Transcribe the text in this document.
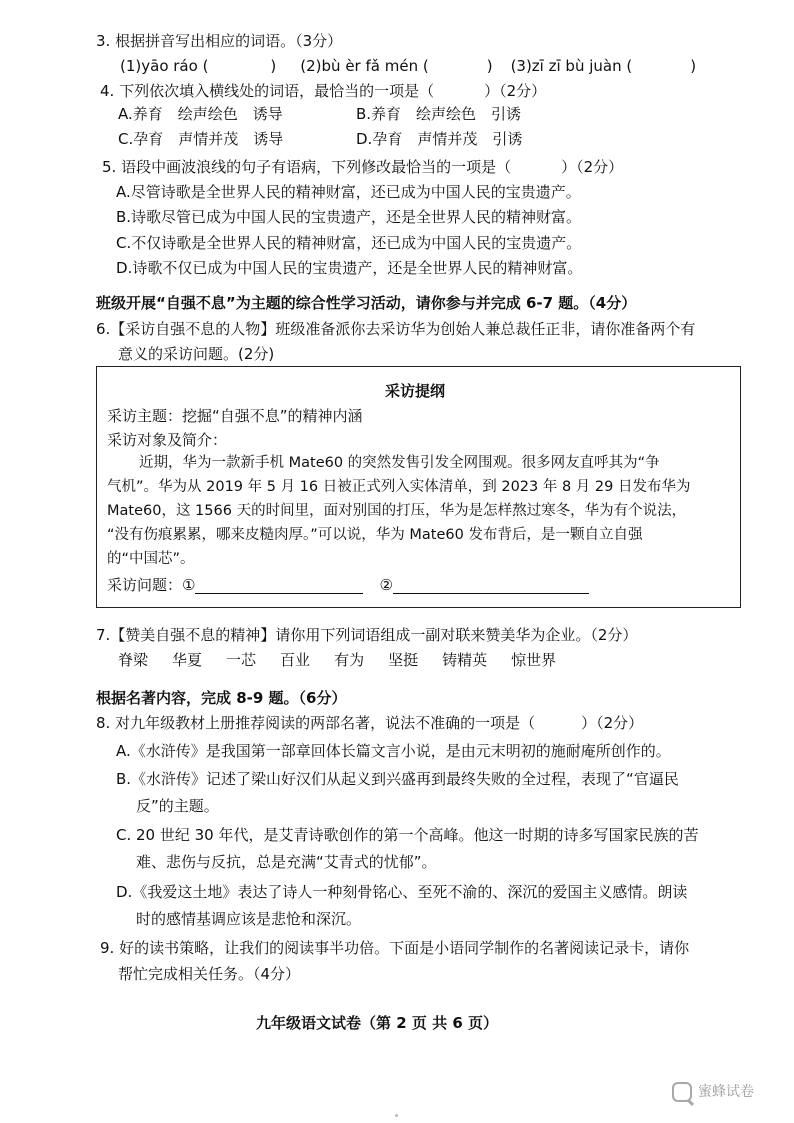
3. 根据拼音写出相应的词语。（3分）
(1)yāo ráo (	) (2)bù èr fǎ mén (	) (3)zī zī bù juàn (	)
4. 下列依次填入横线处的词语，最恰当的一项是（	）（2分）
A.养育　绘声绘色　诱导	B.养育　绘声绘色　引诱
C.孕育　声情并茂　诱导	D.孕育　声情并茂　引诱
5. 语段中画波浪线的句子有语病，下列修改最恰当的一项是（	）（2分）
A.尽管诗歌是全世界人民的精神财富，还已成为中国人民的宝贵遗产。
B.诗歌尽管已成为中国人民的宝贵遗产，还是全世界人民的精神财富。
C.不仅诗歌是全世界人民的精神财富，还已成为中国人民的宝贵遗产。
D.诗歌不仅已成为中国人民的宝贵遗产，还是全世界人民的精神财富。
班级开展“自强不息”为主题的综合性学习活动，请你参与并完成 6-7 题。（4分）
6.【采访自强不息的人物】班级准备派你去采访华为创始人兼总裁任正非，请你准备两个有
意义的采访问题。(2分)
采访提纲
采访主题：挖掘“自强不息”的精神内涵
采访对象及简介：
近期，华为一款新手机 Mate60 的突然发售引发全网围观。很多网友直呼其为“争
气机”。华为从 2019 年 5 月 16 日被正式列入实体清单，到 2023 年 8 月 29 日发布华为
Mate60，这 1566 天的时间里，面对别国的打压，华为是怎样熬过寒冬，华为有个说法，
“没有伤痕累累，哪来皮糙肉厚。”可以说，华为 Mate60 发布背后，是一颗自立自强
的“中国芯”。
采访问题：①	②
7.【赞美自强不息的精神】请你用下列词语组成一副对联来赞美华为企业。（2分）
脊梁 华夏 一芯 百业 有为 坚挺 铸精英 惊世界
根据名著内容，完成 8-9 题。（6分）
8. 对九年级教材上册推荐阅读的两部名著，说法不准确的一项是（	）（2分）
A.《水浒传》是我国第一部章回体长篇文言小说，是由元末明初的施耐庵所创作的。
B.《水浒传》记述了梁山好汉们从起义到兴盛再到最终失败的全过程，表现了“官逼民
反”的主题。
C. 20 世纪 30 年代，是艾青诗歌创作的第一个高峰。他这一时期的诗多写国家民族的苦
难、悲伤与反抗，总是充满“艾青式的忧郁”。
D.《我爱这土地》表达了诗人一种刻骨铭心、至死不渝的、深沉的爱国主义感情。朗读
时的感情基调应该是悲怆和深沉。
9. 好的读书策略，让我们的阅读事半功倍。下面是小语同学制作的名著阅读记录卡，请你
帮忙完成相关任务。（4分）
九年级语文试卷（第 2 页 共 6 页）
蜜蜂试卷
